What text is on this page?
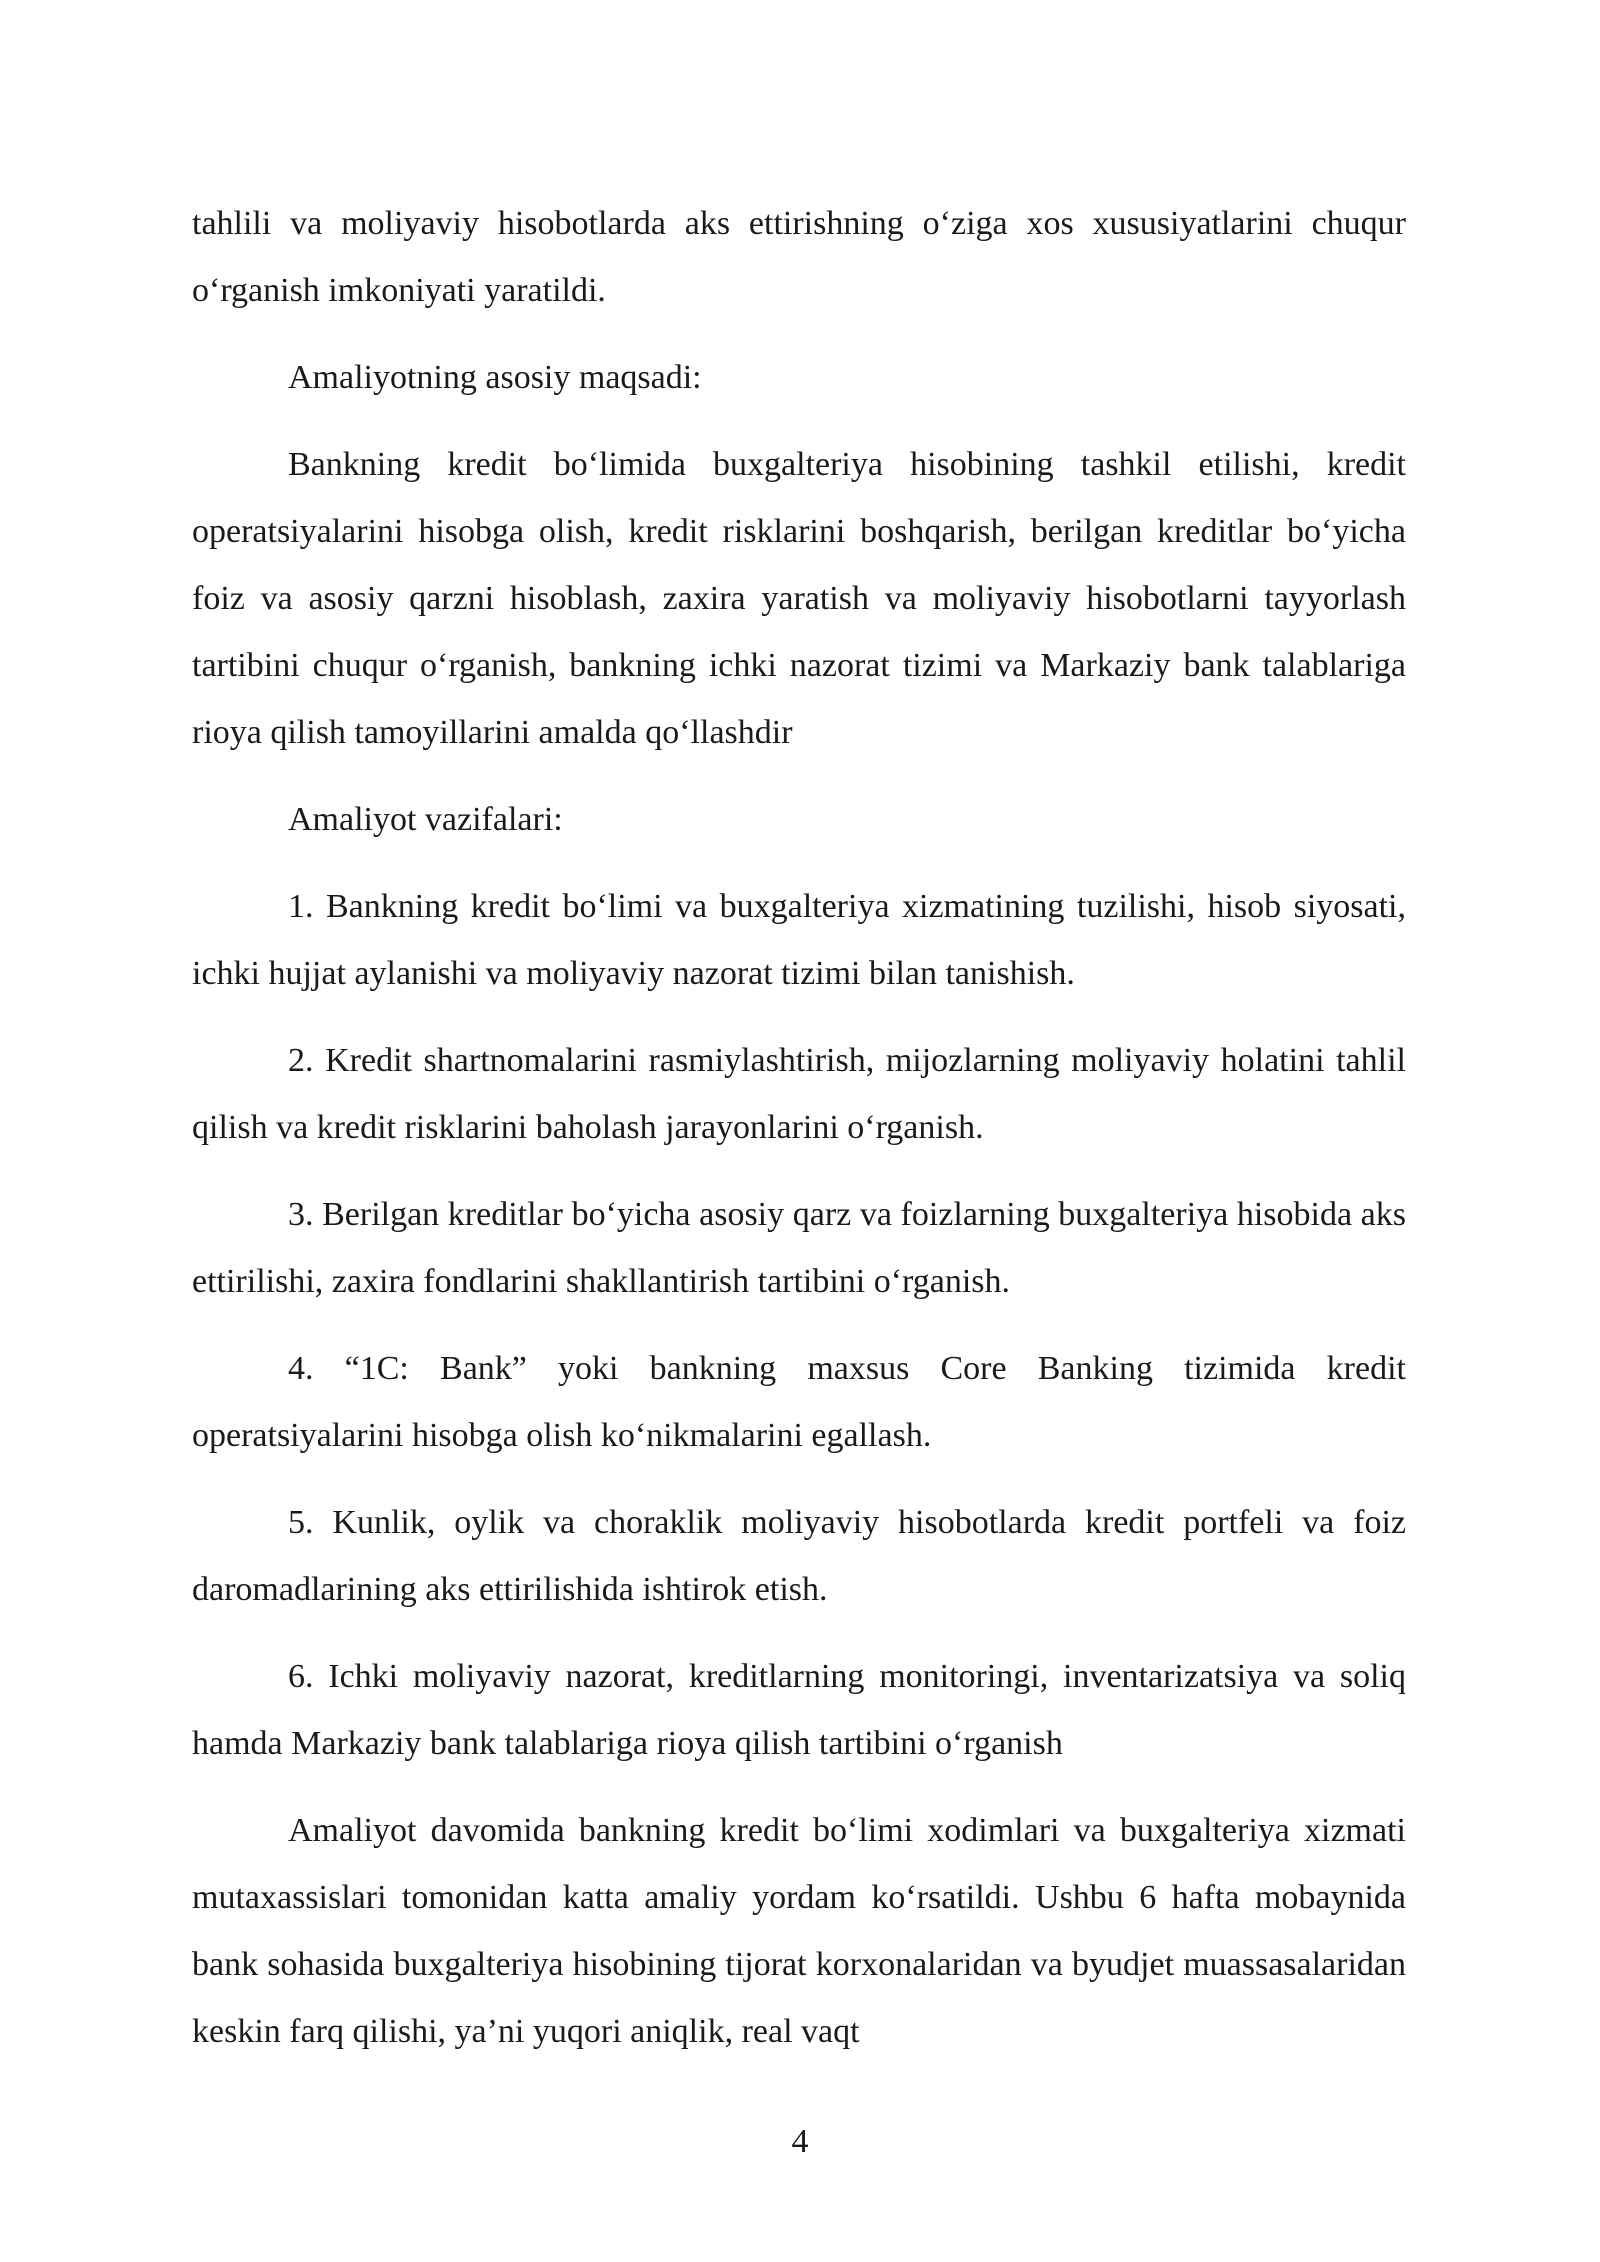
tahlili va moliyaviy hisobotlarda aks ettirishning o‘ziga xos xususiyatlarini chuqur o‘rganish imkoniyati yaratildi.

Amaliyotning asosiy maqsadi:

Bankning kredit bo‘limida buxgalteriya hisobining tashkil etilishi, kredit operatsiyalarini hisobga olish, kredit risklarini boshqarish, berilgan kreditlar bo‘yicha foiz va asosiy qarzni hisoblash, zaxira yaratish va moliyaviy hisobotlarni tayyorlash tartibini chuqur o‘rganish, bankning ichki nazorat tizimi va Markaziy bank talablariga rioya qilish tamoyillarini amalda qo‘llashdir

Amaliyot vazifalari:

1. Bankning kredit bo‘limi va buxgalteriya xizmatining tuzilishi, hisob siyosati, ichki hujjat aylanishi va moliyaviy nazorat tizimi bilan tanishish.

2. Kredit shartnomalarini rasmiylashtirish, mijozlarning moliyaviy holatini tahlil qilish va kredit risklarini baholash jarayonlarini o‘rganish.

3. Berilgan kreditlar bo‘yicha asosiy qarz va foizlarning buxgalteriya hisobida aks ettirilishi, zaxira fondlarini shakllantirish tartibini o‘rganish.

4. “1C: Bank” yoki bankning maxsus Core Banking tizimida kredit operatsiyalarini hisobga olish ko‘nikmalarini egallash.

5. Kunlik, oylik va choraklik moliyaviy hisobotlarda kredit portfeli va foiz daromadlarining aks ettirilishida ishtirok etish.

6. Ichki moliyaviy nazorat, kreditlarning monitoringi, inventarizatsiya va soliq hamda Markaziy bank talablariga rioya qilish tartibini o‘rganish

Amaliyot davomida bankning kredit bo‘limi xodimlari va buxgalteriya xizmati mutaxassislari tomonidan katta amaliy yordam ko‘rsatildi. Ushbu 6 hafta mobaynida bank sohasida buxgalteriya hisobining tijorat korxonalaridan va byudjet muassasalaridan keskin farq qilishi, ya’ni yuqori aniqlik, real vaqt

4
